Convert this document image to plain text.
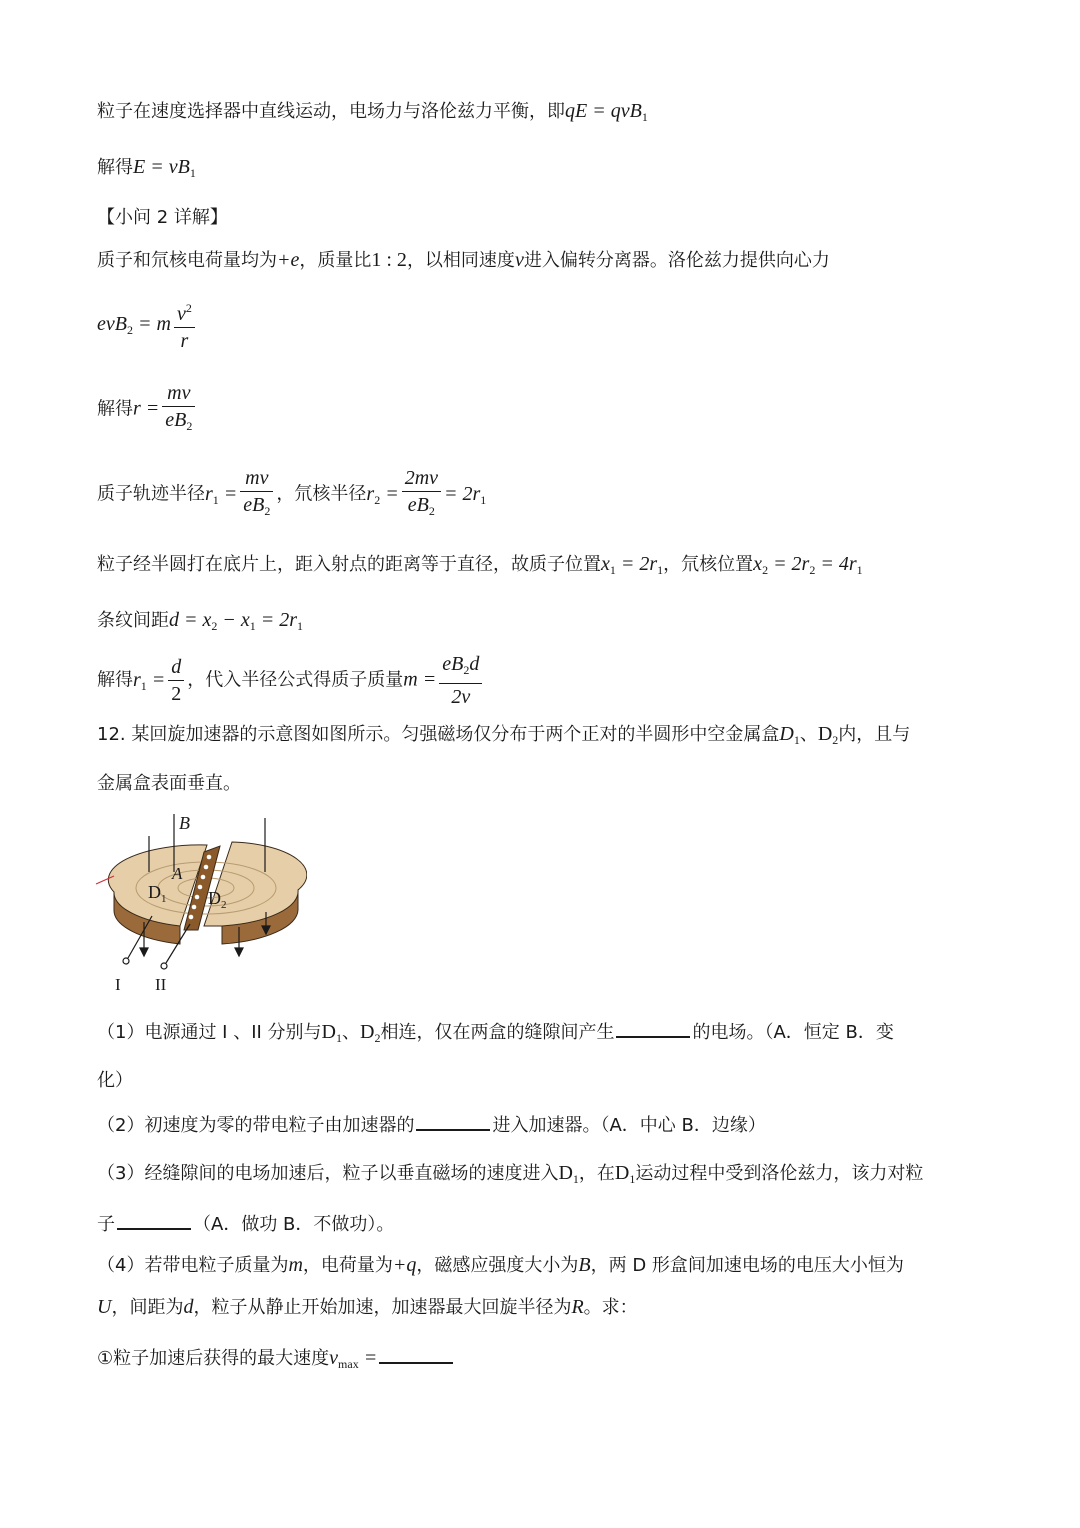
粒子在速度选择器中直线运动，电场力与洛伦兹力平衡，即qE = qvB$_1$
解得$E = vB_1$
【小问 2 详解】
质子和氘核电荷量均为+e，质量比1 : 2，以相同速度v进入偏转分离器。洛伦兹力提供向心力
evB$_2$ = m $\frac{v^2}{r}$
解得$r = \frac{mv}{eB_2}$
质子轨迹半径$r_1 = \frac{mv}{eB_2}$ ，氘核半径$r_2 = \frac{2mv}{eB_2} = 2r_1$
粒子经半圆打在底片上，距入射点的距离等于直径，故质子位置$x_1 = 2r_1$，氘核位置$x_2 = 2r_2 = 4r_1$
条纹间距$d = x_2 - x_1 = 2r_1$
解得$r_1 = \frac{d}{2}$ ，代入半径公式得质子质量$m = \frac{eB_2d}{2v}$
12. 某回旋加速器的示意图如图所示。匀强磁场仅分布于两个正对的半圆形中空金属盒$D_1$、$D_2$内，且与
金属盒表面垂直。
B
A
$D_1$ $D_2$
I II
（1）电源通过 I 、II 分别与$D_1$、$D_2$相连，仅在两盒的缝隙间产生	的电场。（A．恒定 B．变
化）
（2）初速度为零的带电粒子由加速器的	进入加速器。（A．中心 B．边缘）
（3）经缝隙间的电场加速后，粒子以垂直磁场的速度进入$D_1$，在$D_1$运动过程中受到洛伦兹力，该力对粒
子	（A．做功 B．不做功）。
（4）若带电粒子质量为m，电荷量为+q，磁感应强度大小为B，两 D 形盒间加速电场的电压大小恒为
U，间距为d，粒子从静止开始加速，加速器最大回旋半径为R。求：
①粒子加速后获得的最大速度$v_{max}$ =
